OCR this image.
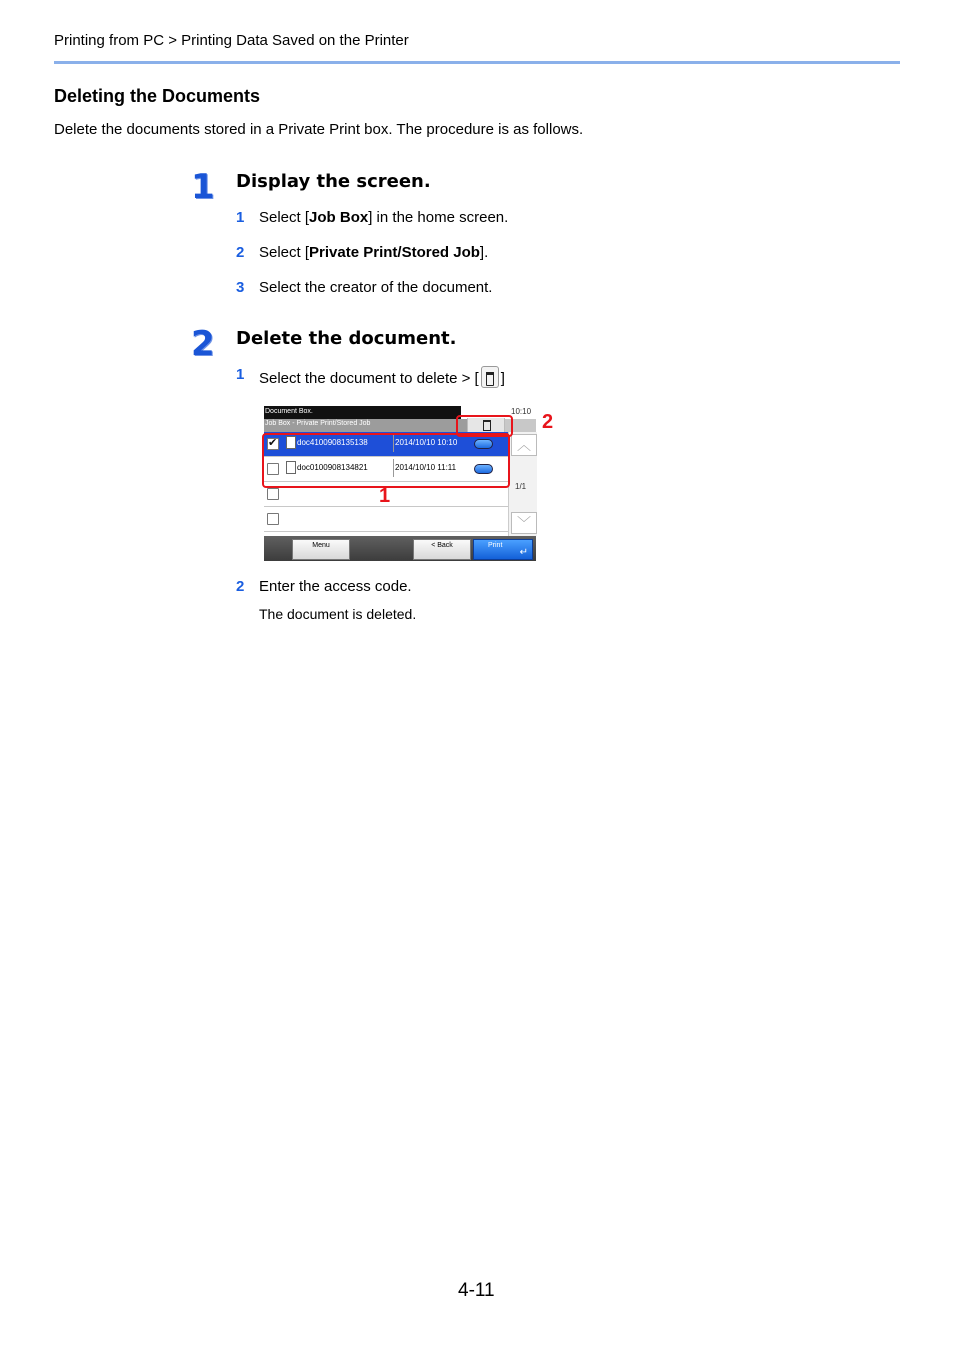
Printing from PC > Printing Data Saved on the Printer
Deleting the Documents
Delete the documents stored in a Private Print box. The procedure is as follows.
1 Display the screen.
1 Select [Job Box] in the home screen.
2 Select [Private Print/Stored Job].
3 Select the creator of the document.
2 Delete the document.
1 Select the document to delete > [ ]
Document Box.	10:10
Job Box - Private Print/Stored Job
✔
doc4100908135138	2014/10/10 10:10
doc0100908134821	2014/10/10 11:11
︿
1/1
﹀
Menu	< Back	Print
↵
1
2
2 Enter the access code.
The document is deleted.
4-11
